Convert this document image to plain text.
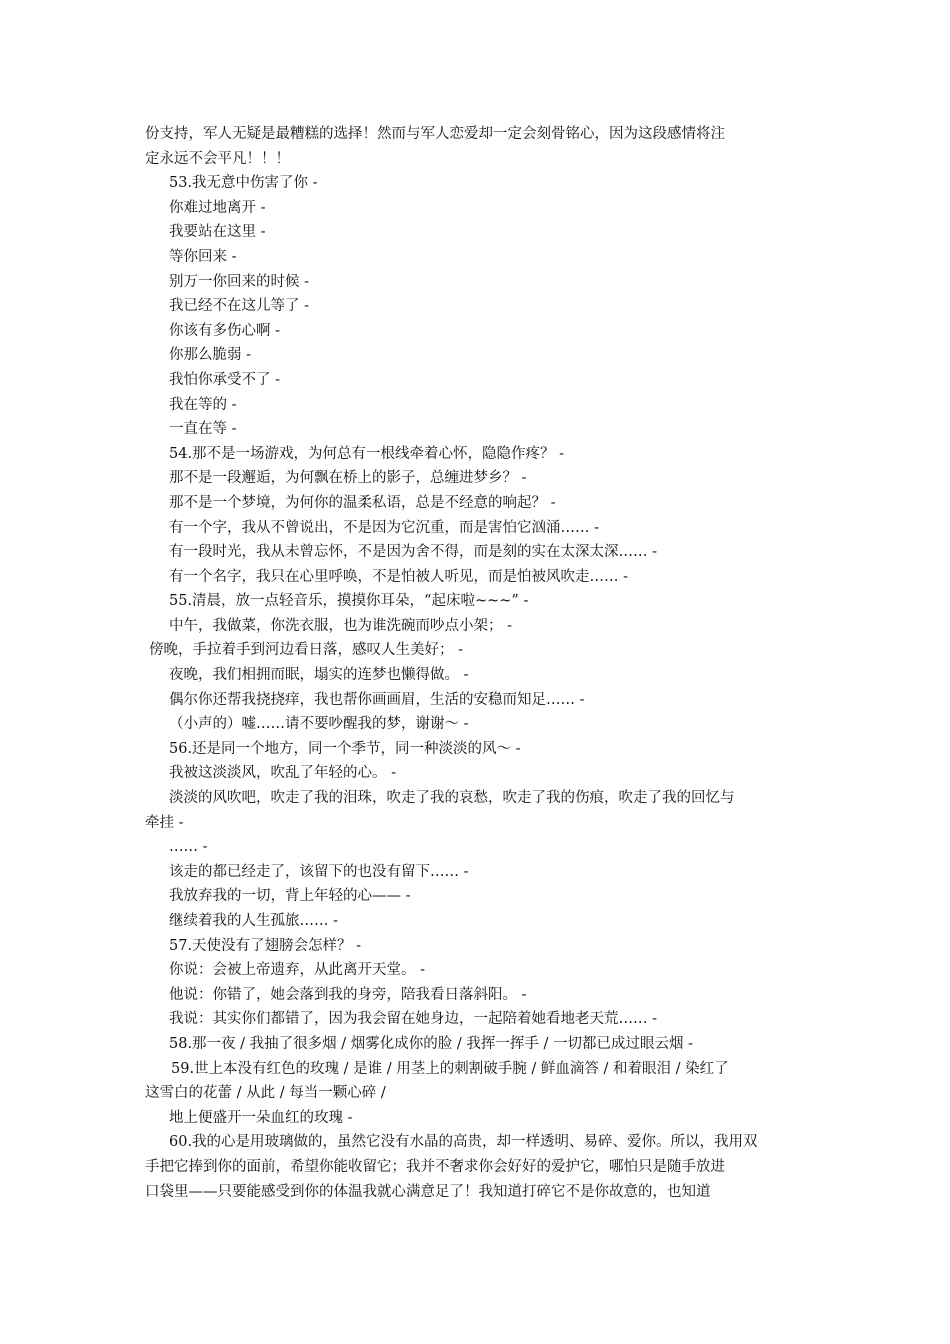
份支持，军人无疑是最糟糕的选择！然而与军人恋爱却一定会刻骨铭心，因为这段感情将注
定永远不会平凡！！！
53.我无意中伤害了你 -
你难过地离开 -
我要站在这里 -
等你回来 -
别万一你回来的时候 -
我已经不在这儿等了 -
你该有多伤心啊 -
你那么脆弱 -
我怕你承受不了 -
我在等的 -
一直在等 -
54.那不是一场游戏，为何总有一根线牵着心怀，隐隐作疼？ -
那不是一段邂逅，为何飘在桥上的影子，总缠进梦乡？ -
那不是一个梦境，为何你的温柔私语，总是不经意的响起？ -
有一个字，我从不曾说出，不是因为它沉重，而是害怕它汹涌…… -
有一段时光，我从未曾忘怀，不是因为舍不得，而是刻的实在太深太深…… -
有一个名字，我只在心里呼唤，不是怕被人听见，而是怕被风吹走…… -
55.清晨，放一点轻音乐，摸摸你耳朵，“起床啦~~~” -
中午，我做菜，你洗衣服，也为谁洗碗而吵点小架； -
傍晚，手拉着手到河边看日落，感叹人生美好； -
夜晚，我们相拥而眠，塌实的连梦也懒得做。 -
偶尔你还帮我挠挠痒，我也帮你画画眉，生活的安稳而知足…… -
（小声的）嘘……请不要吵醒我的梦，谢谢～ -
56.还是同一个地方，同一个季节，同一种淡淡的风～ -
我被这淡淡风，吹乱了年轻的心。 -
淡淡的风吹吧，吹走了我的泪珠，吹走了我的哀愁，吹走了我的伤痕，吹走了我的回忆与
牵挂 -
…… -
该走的都已经走了，该留下的也没有留下…… -
我放弃我的一切，背上年轻的心—— -
继续着我的人生孤旅…… -
57.天使没有了翅膀会怎样？ -
你说：会被上帝遗弃，从此离开天堂。 -
他说：你错了，她会落到我的身旁，陪我看日落斜阳。 -
我说：其实你们都错了，因为我会留在她身边，一起陪着她看地老天荒…… -
58.那一夜 / 我抽了很多烟 / 烟雾化成你的脸 / 我挥一挥手 / 一切都已成过眼云烟 -
59.世上本没有红色的玫瑰 / 是谁 / 用茎上的刺割破手腕 / 鲜血滴答 / 和着眼泪 / 染红了
这雪白的花蕾 / 从此 / 每当一颗心碎 /
地上便盛开一朵血红的玫瑰 -
60.我的心是用玻璃做的，虽然它没有水晶的高贵，却一样透明、易碎、爱你。所以，我用双
手把它捧到你的面前，希望你能收留它；我并不奢求你会好好的爱护它，哪怕只是随手放进
口袋里——只要能感受到你的体温我就心满意足了！我知道打碎它不是你故意的，也知道
